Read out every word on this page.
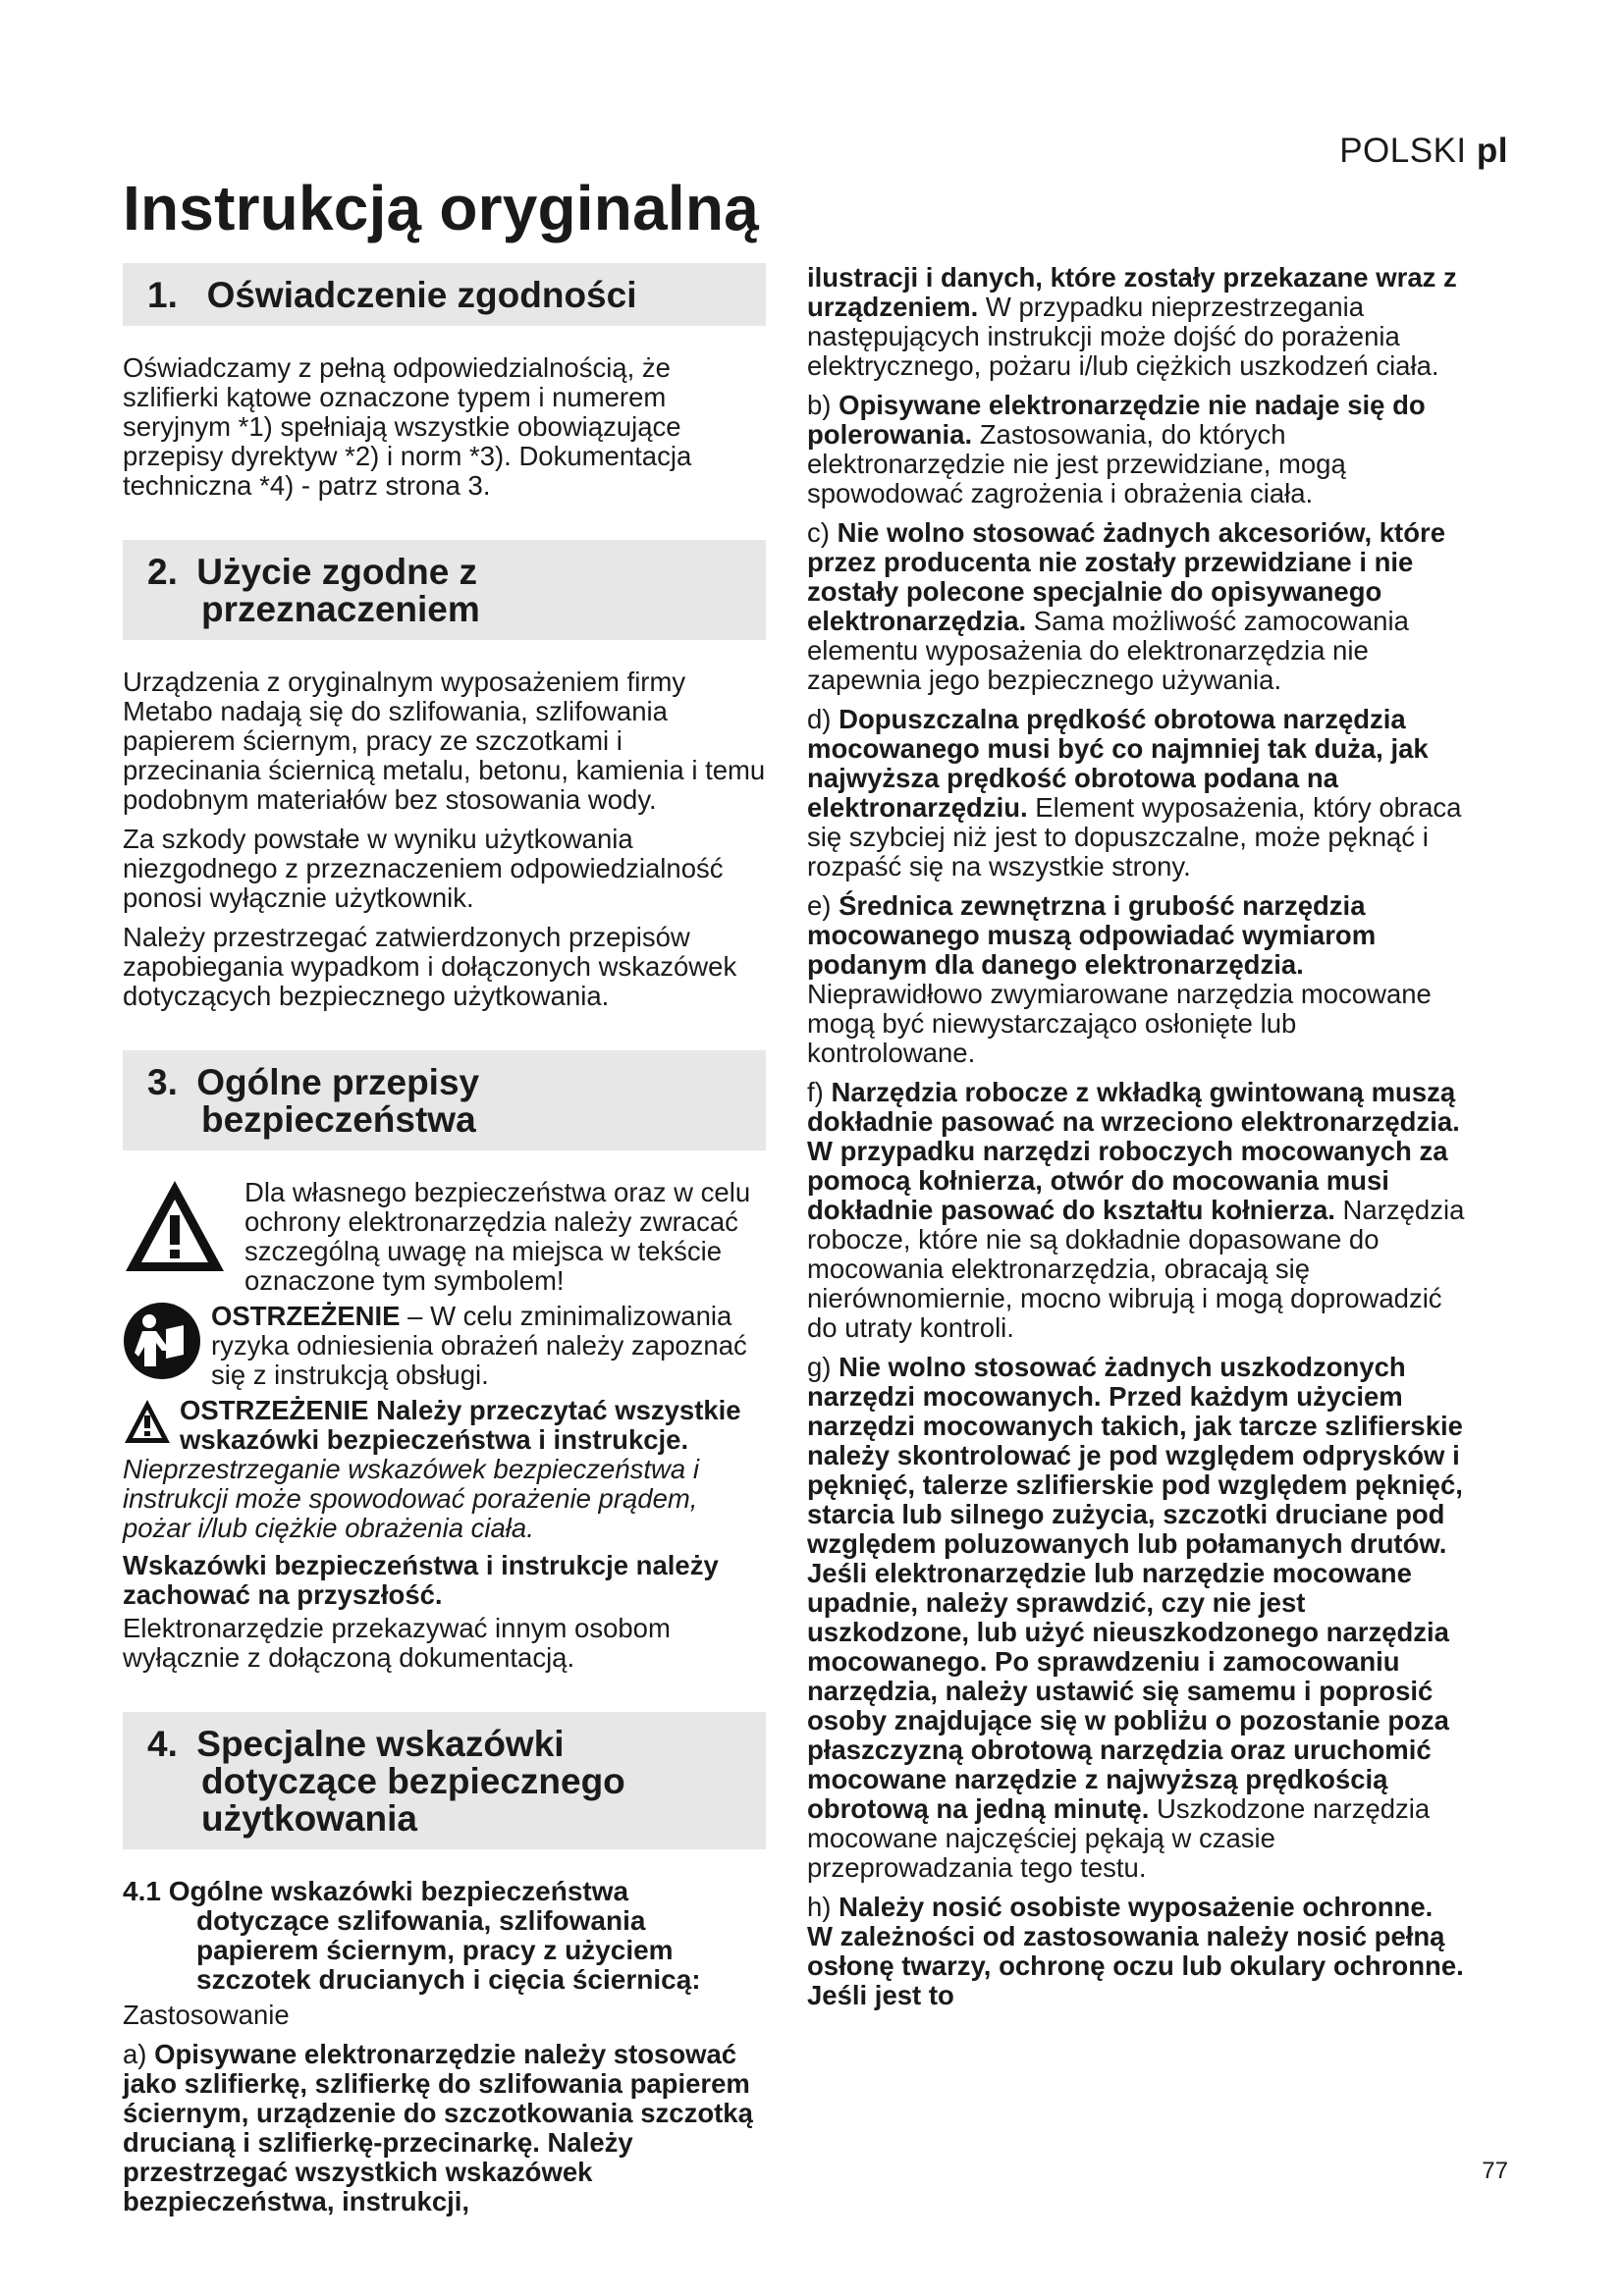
POLSKI pl
Instrukcją oryginalną
1. Oświadczenie zgodności

Oświadczamy z pełną odpowiedzialnością, że szlifierki kątowe oznaczone typem i numerem seryjnym *1) spełniają wszystkie obowiązujące przepisy dyrektyw *2) i norm *3). Dokumentacja techniczna *4) - patrz strona 3.

2. Użycie zgodne z
przeznaczeniem

Urządzenia z oryginalnym wyposażeniem firmy Metabo nadają się do szlifowania, szlifowania papierem ściernym, pracy ze szczotkami i przecinania ściernicą metalu, betonu, kamienia i temu podobnym materiałów bez stosowania wody.

Za szkody powstałe w wyniku użytkowania niezgodnego z przeznaczeniem odpowiedzialność ponosi wyłącznie użytkownik.

Należy przestrzegać zatwierdzonych przepisów zapobiegania wypadkom i dołączonych wskazówek dotyczących bezpiecznego użytkowania.

3. Ogólne przepisy
bezpieczeństwa
Dla własnego bezpieczeństwa oraz w celu ochrony elektronarzędzia należy zwracać szczególną uwagę na miejsca w tekście oznaczone tym symbolem!
OSTRZEŻENIE – W celu zminimalizowania ryzyka odniesienia obrażeń należy zapoznać się z instrukcją obsługi.

OSTRZEŻENIE Należy przeczytać wszystkie wskazówki bezpieczeństwa i instrukcje. Nieprzestrzeganie wskazówek bezpieczeństwa i instrukcji może spowodować porażenie prądem, pożar i/lub ciężkie obrażenia ciała.

Wskazówki bezpieczeństwa i instrukcje należy zachować na przyszłość.

Elektronarzędzie przekazywać innym osobom wyłącznie z dołączoną dokumentacją.

4. Specjalne wskazówki
dotyczące bezpiecznego
użytkowania
4.1 Ogólne wskazówki bezpieczeństwa
dotyczące szlifowania, szlifowania papierem ściernym, pracy z użyciem szczotek drucianych i cięcia ściernicą:

Zastosowanie

a) Opisywane elektronarzędzie należy stosować jako szlifierkę, szlifierkę do szlifowania papierem ściernym, urządzenie do szczotkowania szczotką drucianą i szlifierkę-przecinarkę. Należy przestrzegać wszystkich wskazówek bezpieczeństwa, instrukcji,

ilustracji i danych, które zostały przekazane wraz z urządzeniem. W przypadku nieprzestrzegania następujących instrukcji może dojść do porażenia elektrycznego, pożaru i/lub ciężkich uszkodzeń ciała.

b) Opisywane elektronarzędzie nie nadaje się do polerowania. Zastosowania, do których elektronarzędzie nie jest przewidziane, mogą spowodować zagrożenia i obrażenia ciała.

c) Nie wolno stosować żadnych akcesoriów, które przez producenta nie zostały przewidziane i nie zostały polecone specjalnie do opisywanego elektronarzędzia. Sama możliwość zamocowania elementu wyposażenia do elektronarzędzia nie zapewnia jego bezpiecznego używania.

d) Dopuszczalna prędkość obrotowa narzędzia mocowanego musi być co najmniej tak duża, jak najwyższa prędkość obrotowa podana na elektronarzędziu. Element wyposażenia, który obraca się szybciej niż jest to dopuszczalne, może pęknąć i rozpaść się na wszystkie strony.

e) Średnica zewnętrzna i grubość narzędzia mocowanego muszą odpowiadać wymiarom podanym dla danego elektronarzędzia. Nieprawidłowo zwymiarowane narzędzia mocowane mogą być niewystarczająco osłonięte lub kontrolowane.

f) Narzędzia robocze z wkładką gwintowaną muszą dokładnie pasować na wrzeciono elektronarzędzia. W przypadku narzędzi roboczych mocowanych za pomocą kołnierza, otwór do mocowania musi dokładnie pasować do kształtu kołnierza. Narzędzia robocze, które nie są dokładnie dopasowane do mocowania elektronarzędzia, obracają się nierównomiernie, mocno wibrują i mogą doprowadzić do utraty kontroli.

g) Nie wolno stosować żadnych uszkodzonych narzędzi mocowanych. Przed każdym użyciem narzędzi mocowanych takich, jak tarcze szlifierskie należy skontrolować je pod względem odprysków i pęknięć, talerze szlifierskie pod względem pęknięć, starcia lub silnego zużycia, szczotki druciane pod względem poluzowanych lub połamanych drutów. Jeśli elektronarzędzie lub narzędzie mocowane upadnie, należy sprawdzić, czy nie jest uszkodzone, lub użyć nieuszkodzonego narzędzia mocowanego. Po sprawdzeniu i zamocowaniu narzędzia, należy ustawić się samemu i poprosić osoby znajdujące się w pobliżu o pozostanie poza płaszczyzną obrotową narzędzia oraz uruchomić mocowane narzędzie z najwyższą prędkością obrotową na jedną minutę. Uszkodzone narzędzia mocowane najczęściej pękają w czasie przeprowadzania tego testu.

h) Należy nosić osobiste wyposażenie ochronne. W zależności od zastosowania należy nosić pełną osłonę twarzy, ochronę oczu lub okulary ochronne. Jeśli jest to

77
